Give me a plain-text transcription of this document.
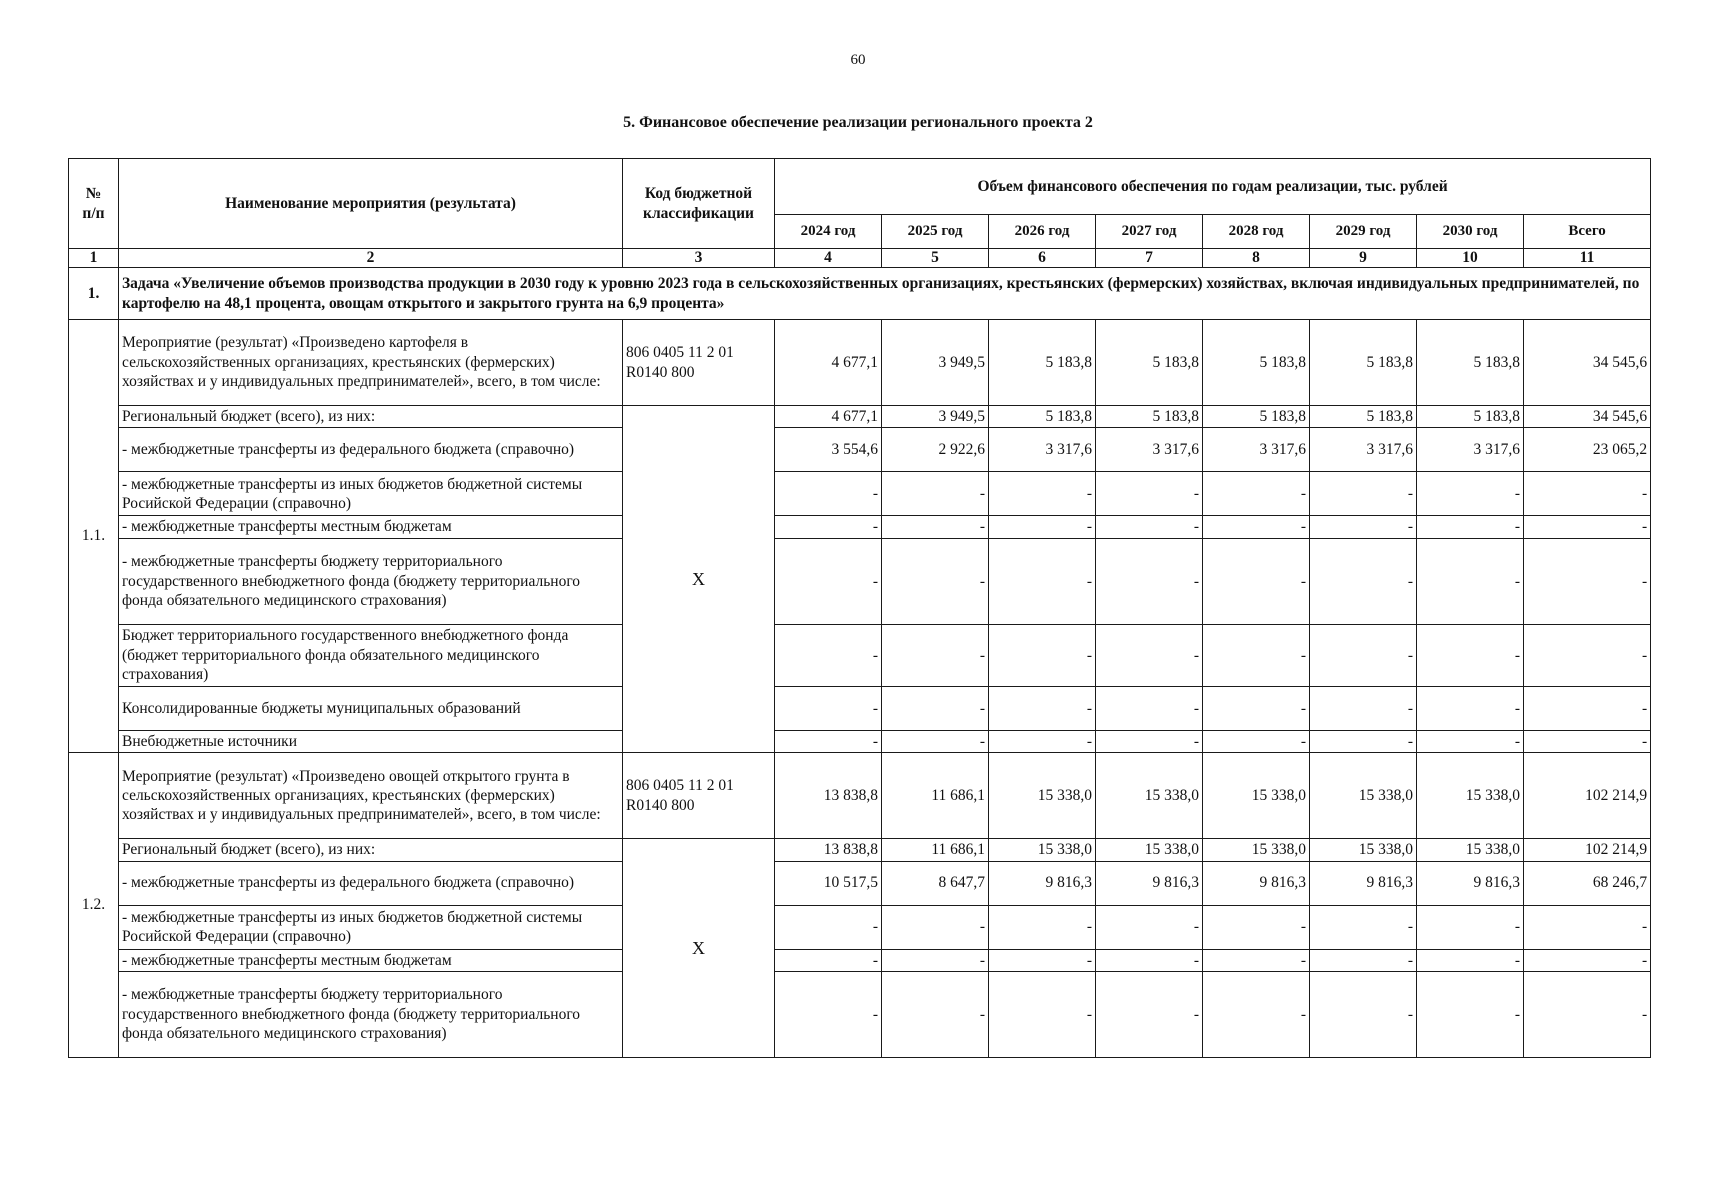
60
5. Финансовое обеспечение реализации регионального проекта 2
№
п/п	Наименование мероприятия (результата)	Код бюджетной классификации	Объем финансового обеспечения по годам реализации, тыс. рублей							
			2024 год	2025 год	2026 год	2027 год	2028 год	2029 год	2030 год	Всего
1	2	3	4	5	6	7	8	9	10	11
1.	Задача «Увеличение объемов производства продукции в 2030 году к уровню 2023 года в сельскохозяйственных организациях, крестьянских (фермерских) хозяйствах, включая индивидуальных предпринимателей, по картофелю на 48,1 процента, овощам открытого и закрытого грунта на 6,9 процента»									
1.1.	Мероприятие (результат) «Произведено картофеля в сельскохозяйственных организациях, крестьянских (фермерских) хозяйствах и у индивидуальных предпринимателей», всего, в том числе:	806 0405 11 2 01 R0140 800	4 677,1	3 949,5	5 183,8	5 183,8	5 183,8	5 183,8	5 183,8	34 545,6
	Региональный бюджет (всего), из них:	Х	4 677,1	3 949,5	5 183,8	5 183,8	5 183,8	5 183,8	5 183,8	34 545,6
	- межбюджетные трансферты из федерального бюджета (справочно)		3 554,6	2 922,6	3 317,6	3 317,6	3 317,6	3 317,6	3 317,6	23 065,2
	- межбюджетные трансферты из иных бюджетов бюджетной системы Росийской Федерации (справочно)		-	-	-	-	-	-	-	-
	- межбюджетные трансферты местным бюджетам		-	-	-	-	-	-	-	-
	- межбюджетные трансферты бюджету территориального государственного внебюджетного фонда (бюджету территориального фонда обязательного медицинского страхования)		-	-	-	-	-	-	-	-
	Бюджет территориального государственного внебюджетного фонда (бюджет территориального фонда обязательного медицинского страхования)		-	-	-	-	-	-	-	-
	Консолидированные бюджеты муниципальных образований		-	-	-	-	-	-	-	-
	Внебюджетные источники		-	-	-	-	-	-	-	-
1.2.	Мероприятие (результат) «Произведено овощей открытого грунта в сельскохозяйственных организациях, крестьянских (фермерских) хозяйствах и у индивидуальных предпринимателей», всего, в том числе:	806 0405 11 2 01 R0140 800	13 838,8	11 686,1	15 338,0	15 338,0	15 338,0	15 338,0	15 338,0	102 214,9
	Региональный бюджет (всего), из них:	Х	13 838,8	11 686,1	15 338,0	15 338,0	15 338,0	15 338,0	15 338,0	102 214,9
	- межбюджетные трансферты из федерального бюджета (справочно)		10 517,5	8 647,7	9 816,3	9 816,3	9 816,3	9 816,3	9 816,3	68 246,7
	- межбюджетные трансферты из иных бюджетов бюджетной системы Росийской Федерации (справочно)		-	-	-	-	-	-	-	-
	- межбюджетные трансферты местным бюджетам		-	-	-	-	-	-	-	-
	- межбюджетные трансферты бюджету территориального государственного внебюджетного фонда (бюджету территориального фонда обязательного медицинского страхования)		-	-	-	-	-	-	-	-
